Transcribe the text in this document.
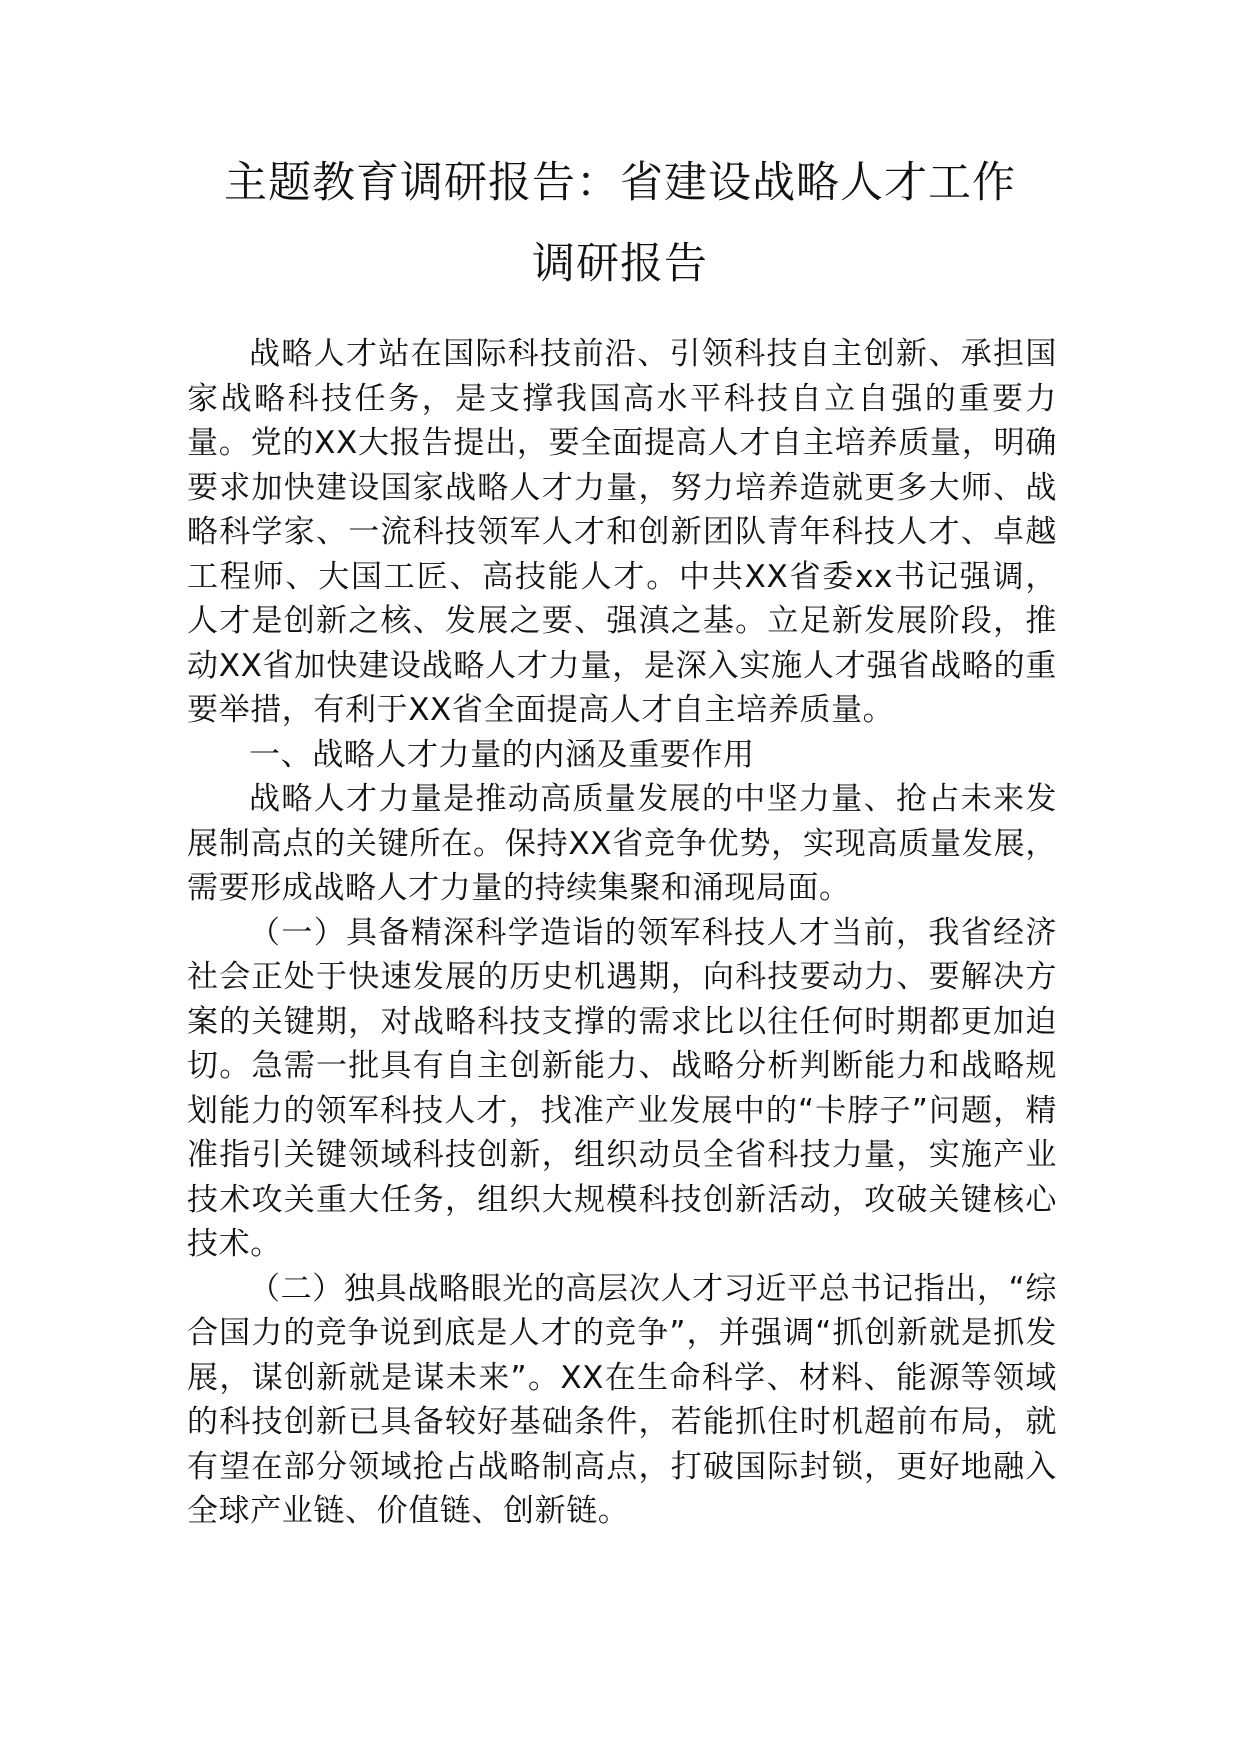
主题教育调研报告：省建设战略人才工作
调研报告

战略人才站在国际科技前沿、引领科技自主创新、承担国家战略科技任务，是支撑我国高水平科技自立自强的重要力量。党的XX大报告提出，要全面提高人才自主培养质量，明确要求加快建设国家战略人才力量，努力培养造就更多大师、战略科学家、一流科技领军人才和创新团队青年科技人才、卓越工程师、大国工匠、高技能人才。中共XX省委xx书记强调，人才是创新之核、发展之要、强滇之基。立足新发展阶段，推动XX省加快建设战略人才力量，是深入实施人才强省战略的重要举措，有利于XX省全面提高人才自主培养质量。

一、战略人才力量的内涵及重要作用

战略人才力量是推动高质量发展的中坚力量、抢占未来发展制高点的关键所在。保持XX省竞争优势，实现高质量发展，需要形成战略人才力量的持续集聚和涌现局面。

（一）具备精深科学造诣的领军科技人才当前，我省经济社会正处于快速发展的历史机遇期，向科技要动力、要解决方案的关键期，对战略科技支撑的需求比以往任何时期都更加迫切。急需一批具有自主创新能力、战略分析判断能力和战略规划能力的领军科技人才，找准产业发展中的“卡脖子”问题，精准指引关键领域科技创新，组织动员全省科技力量，实施产业技术攻关重大任务，组织大规模科技创新活动，攻破关键核心技术。

（二）独具战略眼光的高层次人才习近平总书记指出，“综合国力的竞争说到底是人才的竞争”，并强调“抓创新就是抓发展，谋创新就是谋未来”。XX在生命科学、材料、能源等领域的科技创新已具备较好基础条件，若能抓住时机超前布局，就有望在部分领域抢占战略制高点，打破国际封锁，更好地融入全球产业链、价值链、创新链。
